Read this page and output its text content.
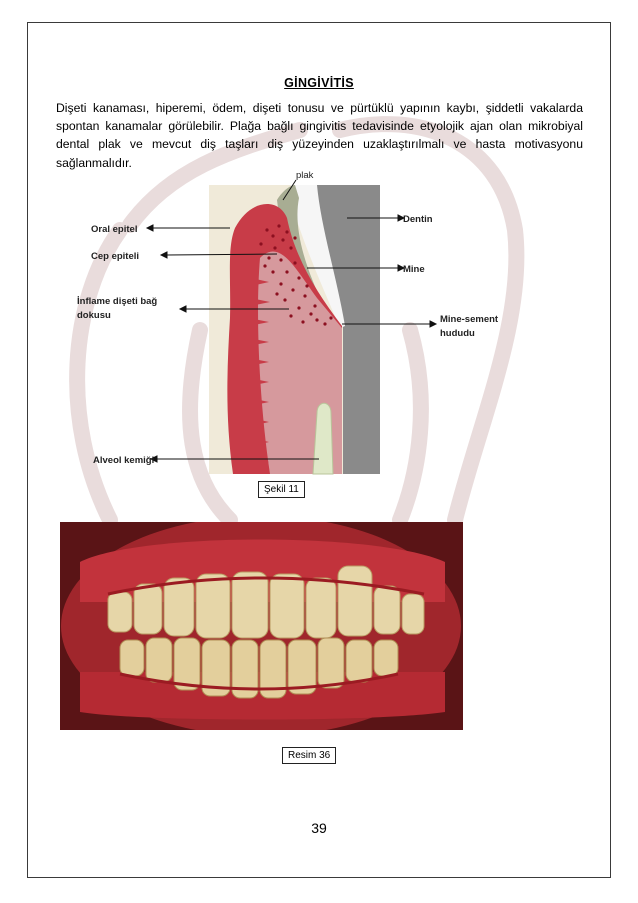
GİNGİVİTİS
Dişeti kanaması, hiperemi, ödem, dişeti tonusu ve pürtüklü yapının kaybı, şiddetli vakalarda spontan kanamalar görülebilir. Plağa bağlı gingivitis tedavisinde etyolojik ajan olan mikrobiyal dental plak ve mevcut diş taşları diş yüzeyinden uzaklaştırılmalı ve hasta motivasyonu sağlanmalıdır.
plak
Oral epitel
Cep epiteli
İnflame dişeti bağ
dokusu
Alveol kemiği
Dentin
Mine
Mine-sement
hududu
Şekil 11
Resim 36
39
